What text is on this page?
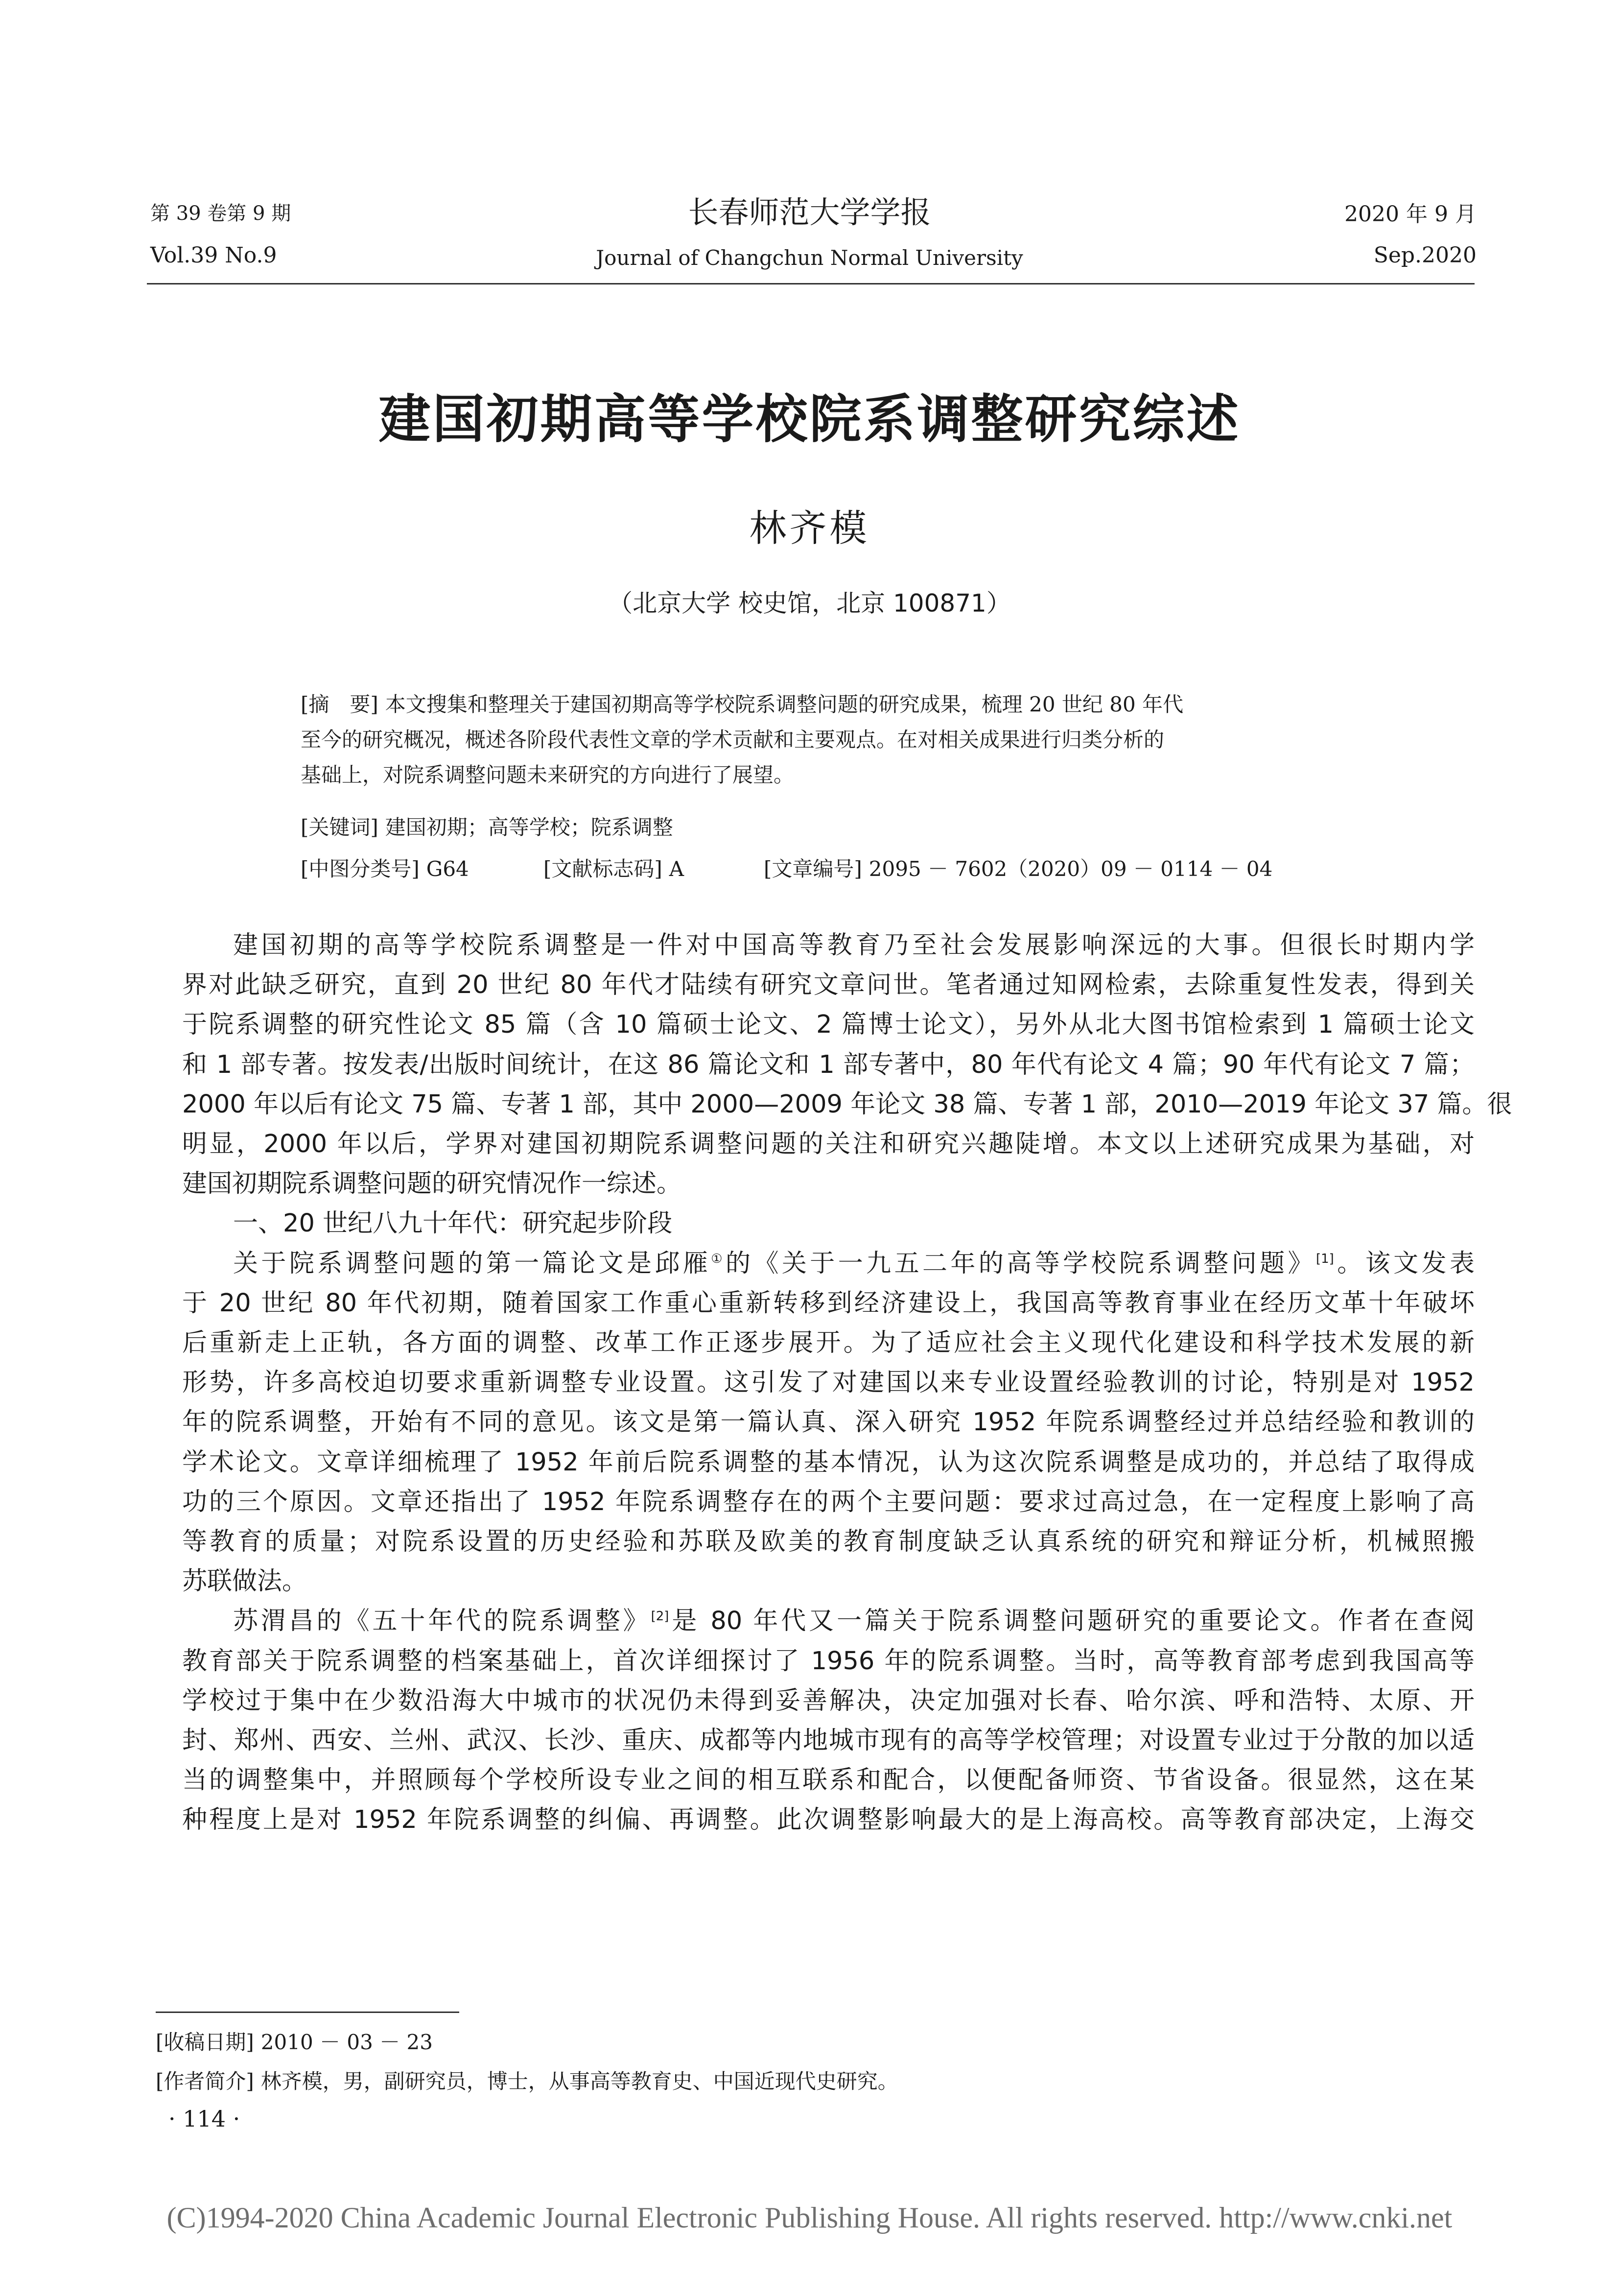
第 39 卷第 9 期
Vol.39 No.9
长春师范大学学报
Journal of Changchun Normal University
2020 年 9 月
Sep.2020
建国初期高等学校院系调整研究综述
林齐模
（北京大学 校史馆，北京 100871）
[摘　要] 本文搜集和整理关于建国初期高等学校院系调整问题的研究成果，梳理 20 世纪 80 年代
至今的研究概况，概述各阶段代表性文章的学术贡献和主要观点。在对相关成果进行归类分析的
基础上，对院系调整问题未来研究的方向进行了展望。
[关键词] 建国初期；高等学校；院系调整
[中图分类号] G64	[文献标志码] A	[文章编号] 2095 － 7602（2020）09 － 0114 － 04
建国初期的高等学校院系调整是一件对中国高等教育乃至社会发展影响深远的大事。但很长时期内学
界对此缺乏研究，直到 20 世纪 80 年代才陆续有研究文章问世。笔者通过知网检索，去除重复性发表，得到关
于院系调整的研究性论文 85 篇（含 10 篇硕士论文、2 篇博士论文），另外从北大图书馆检索到 1 篇硕士论文
和 1 部专著。按发表/出版时间统计，在这 86 篇论文和 1 部专著中，80 年代有论文 4 篇；90 年代有论文 7 篇；
2000 年以后有论文 75 篇、专著 1 部，其中 2000—2009 年论文 38 篇、专著 1 部，2010—2019 年论文 37 篇。很
明显，2000 年以后，学界对建国初期院系调整问题的关注和研究兴趣陡增。本文以上述研究成果为基础，对
建国初期院系调整问题的研究情况作一综述。
一、20 世纪八九十年代：研究起步阶段
关于院系调整问题的第一篇论文是邱雁①的《关于一九五二年的高等学校院系调整问题》[1]。该文发表
于 20 世纪 80 年代初期，随着国家工作重心重新转移到经济建设上，我国高等教育事业在经历文革十年破坏
后重新走上正轨，各方面的调整、改革工作正逐步展开。为了适应社会主义现代化建设和科学技术发展的新
形势，许多高校迫切要求重新调整专业设置。这引发了对建国以来专业设置经验教训的讨论，特别是对 1952
年的院系调整，开始有不同的意见。该文是第一篇认真、深入研究 1952 年院系调整经过并总结经验和教训的
学术论文。文章详细梳理了 1952 年前后院系调整的基本情况，认为这次院系调整是成功的，并总结了取得成
功的三个原因。文章还指出了 1952 年院系调整存在的两个主要问题：要求过高过急，在一定程度上影响了高
等教育的质量；对院系设置的历史经验和苏联及欧美的教育制度缺乏认真系统的研究和辩证分析，机械照搬
苏联做法。
苏渭昌的《五十年代的院系调整》[2]是 80 年代又一篇关于院系调整问题研究的重要论文。作者在查阅
教育部关于院系调整的档案基础上，首次详细探讨了 1956 年的院系调整。当时，高等教育部考虑到我国高等
学校过于集中在少数沿海大中城市的状况仍未得到妥善解决，决定加强对长春、哈尔滨、呼和浩特、太原、开
封、郑州、西安、兰州、武汉、长沙、重庆、成都等内地城市现有的高等学校管理；对设置专业过于分散的加以适
当的调整集中，并照顾每个学校所设专业之间的相互联系和配合，以便配备师资、节省设备。很显然，这在某
种程度上是对 1952 年院系调整的纠偏、再调整。此次调整影响最大的是上海高校。高等教育部决定，上海交
[收稿日期] 2010 － 03 － 23
[作者简介] 林齐模，男，副研究员，博士，从事高等教育史、中国近现代史研究。
· 114 ·
(C)1994-2020 China Academic Journal Electronic Publishing House. All rights reserved. http://www.cnki.net
